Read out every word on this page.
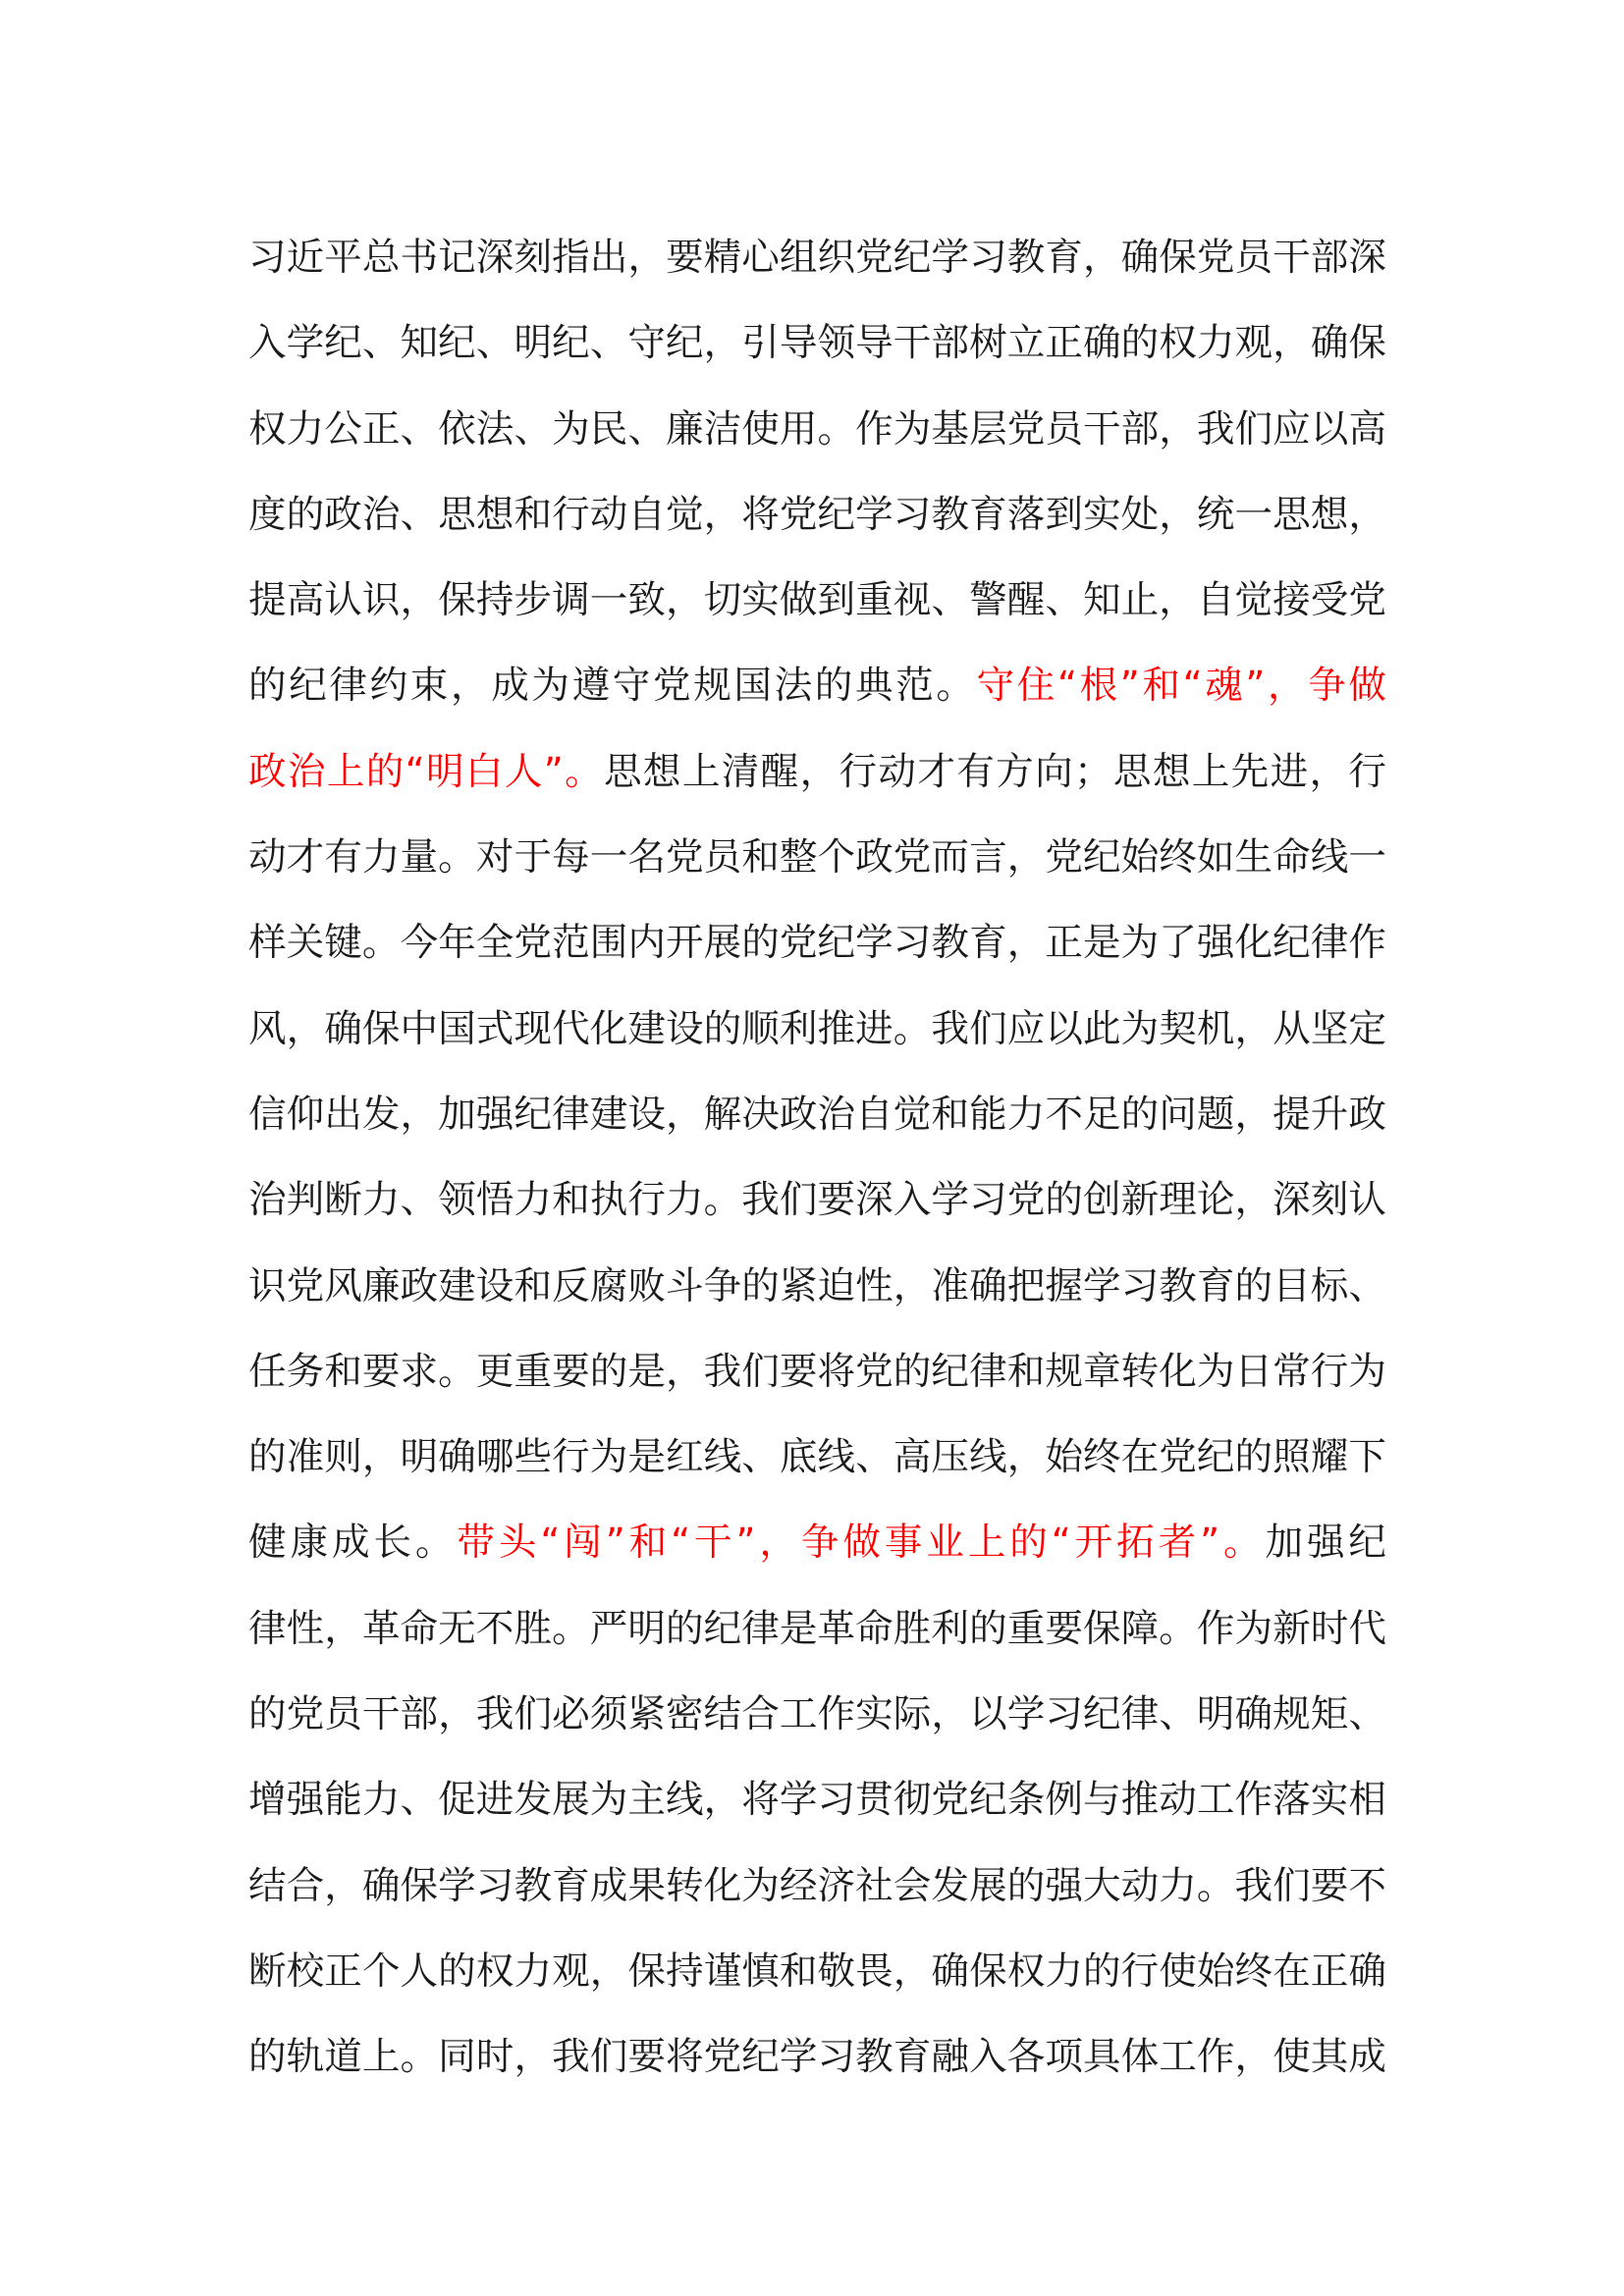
习近平总书记深刻指出，要精心组织党纪学习教育，确保党员干部深
入学纪、知纪、明纪、守纪，引导领导干部树立正确的权力观，确保
权力公正、依法、为民、廉洁使用。作为基层党员干部，我们应以高
度的政治、思想和行动自觉，将党纪学习教育落到实处，统一思想，
提高认识，保持步调一致，切实做到重视、警醒、知止，自觉接受党
的纪律约束，成为遵守党规国法的典范。守住“根”和“魂”，争做
政治上的“明白人”。思想上清醒，行动才有方向；思想上先进，行
动才有力量。对于每一名党员和整个政党而言，党纪始终如生命线一
样关键。今年全党范围内开展的党纪学习教育，正是为了强化纪律作
风，确保中国式现代化建设的顺利推进。我们应以此为契机，从坚定
信仰出发，加强纪律建设，解决政治自觉和能力不足的问题，提升政
治判断力、领悟力和执行力。我们要深入学习党的创新理论，深刻认
识党风廉政建设和反腐败斗争的紧迫性，准确把握学习教育的目标、
任务和要求。更重要的是，我们要将党的纪律和规章转化为日常行为
的准则，明确哪些行为是红线、底线、高压线，始终在党纪的照耀下
健康成长。带头“闯”和“干”，争做事业上的“开拓者”。加强纪
律性，革命无不胜。严明的纪律是革命胜利的重要保障。作为新时代
的党员干部，我们必须紧密结合工作实际，以学习纪律、明确规矩、
增强能力、促进发展为主线，将学习贯彻党纪条例与推动工作落实相
结合，确保学习教育成果转化为经济社会发展的强大动力。我们要不
断校正个人的权力观，保持谨慎和敬畏，确保权力的行使始终在正确
的轨道上。同时，我们要将党纪学习教育融入各项具体工作，使其成
